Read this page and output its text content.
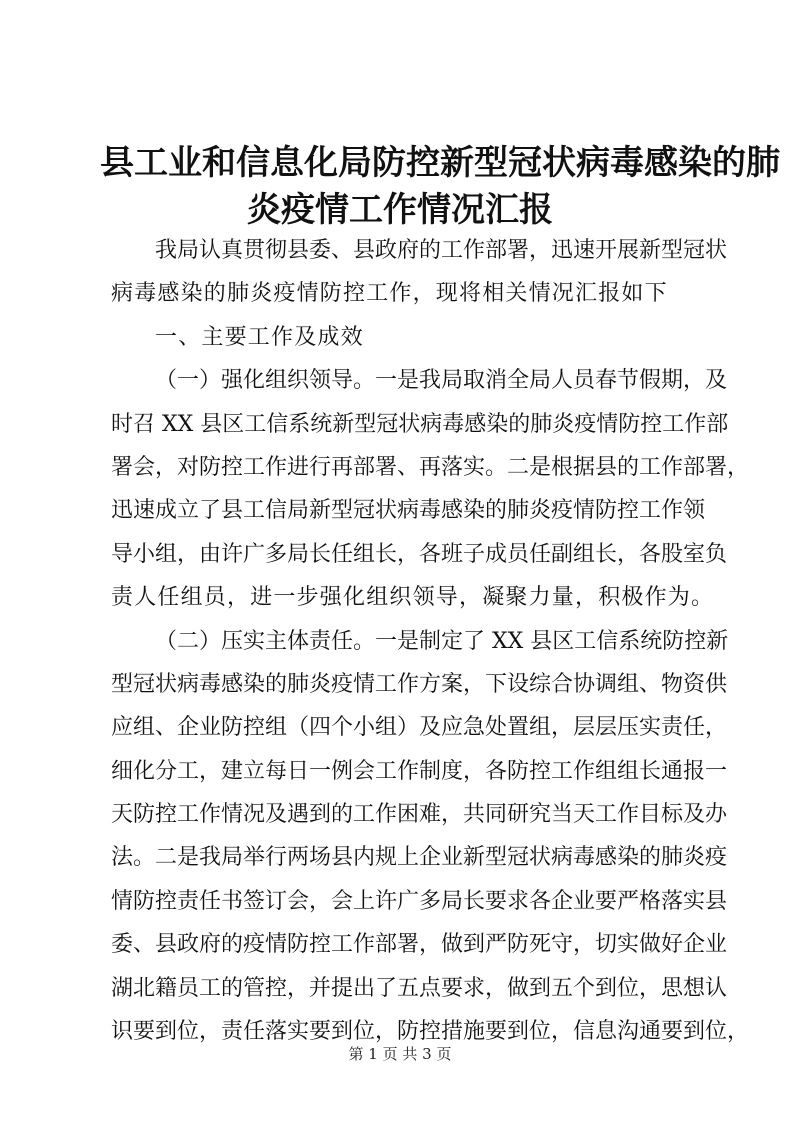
县工业和信息化局防控新型冠状病毒感染的肺
炎疫情工作情况汇报
我局认真贯彻县委、县政府的工作部署，迅速开展新型冠状
病毒感染的肺炎疫情防控工作，现将相关情况汇报如下
一、主要工作及成效
（一）强化组织领导。一是我局取消全局人员春节假期，及
时召 XX 县区工信系统新型冠状病毒感染的肺炎疫情防控工作部
署会，对防控工作进行再部署、再落实。二是根据县的工作部署，
迅速成立了县工信局新型冠状病毒感染的肺炎疫情防控工作领
导小组，由许广多局长任组长，各班子成员任副组长，各股室负
责人任组员，进一步强化组织领导，凝聚力量，积极作为。
（二）压实主体责任。一是制定了 XX 县区工信系统防控新
型冠状病毒感染的肺炎疫情工作方案，下设综合协调组、物资供
应组、企业防控组（四个小组）及应急处置组，层层压实责任，
细化分工，建立每日一例会工作制度，各防控工作组组长通报一
天防控工作情况及遇到的工作困难，共同研究当天工作目标及办
法。二是我局举行两场县内规上企业新型冠状病毒感染的肺炎疫
情防控责任书签订会，会上许广多局长要求各企业要严格落实县
委、县政府的疫情防控工作部署，做到严防死守，切实做好企业
湖北籍员工的管控，并提出了五点要求，做到五个到位，思想认
识要到位，责任落实要到位，防控措施要到位，信息沟通要到位，
第 1 页 共 3 页
